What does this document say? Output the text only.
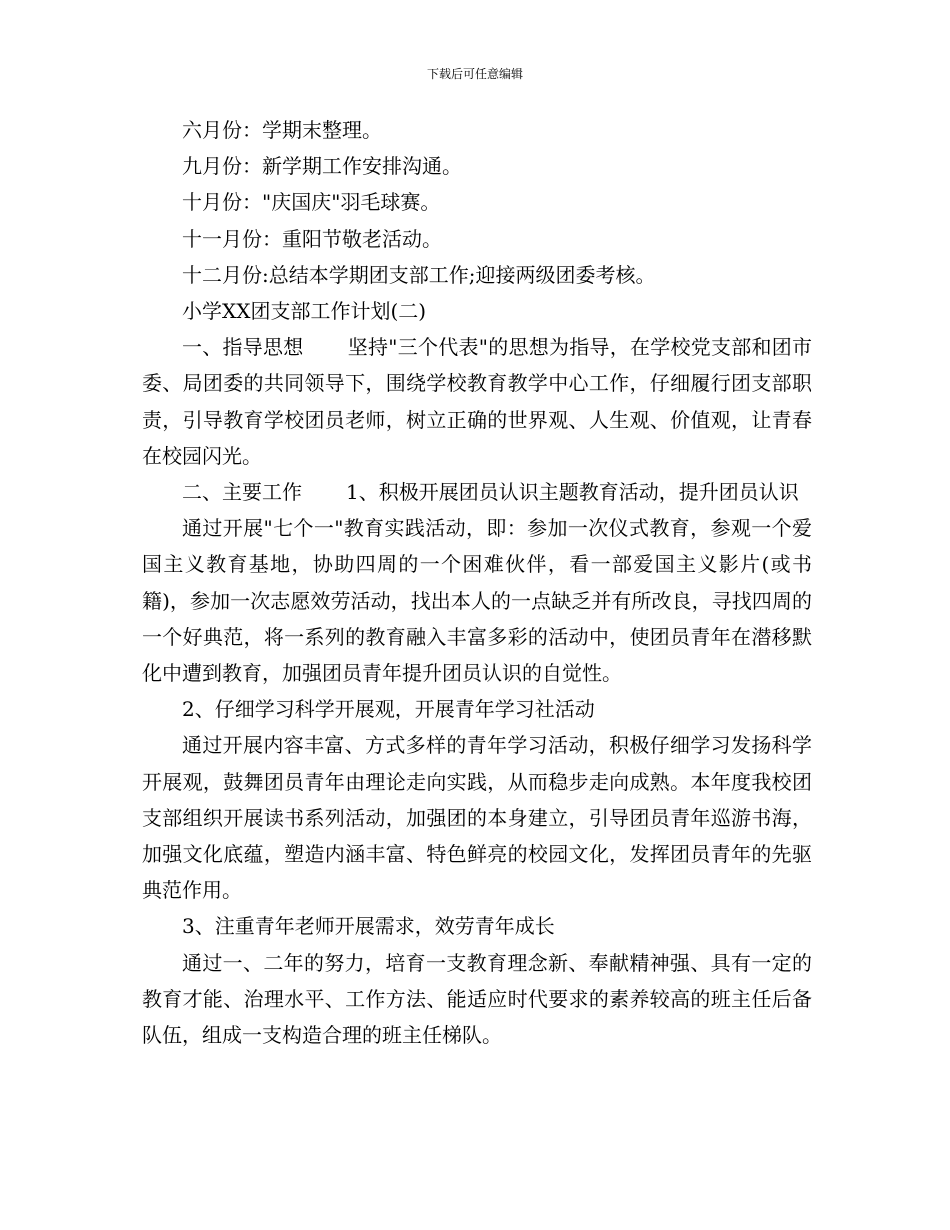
下载后可任意编辑

六月份：学期末整理。

九月份：新学期工作安排沟通。

十月份："庆国庆"羽毛球赛。

十一月份：重阳节敬老活动。

十二月份:总结本学期团支部工作;迎接两级团委考核。

小学XX团支部工作计划(二)

一、指导思想 坚持"三个代表"的思想为指导，在学校党支部和团市委、局团委的共同领导下，围绕学校教育教学中心工作，仔细履行团支部职责，引导教育学校团员老师，树立正确的世界观、人生观、价值观，让青春在校园闪光。

二、主要工作 1、积极开展团员认识主题教育活动，提升团员认识

通过开展"七个一"教育实践活动，即：参加一次仪式教育，参观一个爱国主义教育基地，协助四周的一个困难伙伴，看一部爱国主义影片(或书籍)，参加一次志愿效劳活动，找出本人的一点缺乏并有所改良，寻找四周的一个好典范，将一系列的教育融入丰富多彩的活动中，使团员青年在潜移默化中遭到教育，加强团员青年提升团员认识的自觉性。

2、仔细学习科学开展观，开展青年学习社活动

通过开展内容丰富、方式多样的青年学习活动，积极仔细学习发扬科学开展观，鼓舞团员青年由理论走向实践，从而稳步走向成熟。本年度我校团支部组织开展读书系列活动，加强团的本身建立，引导团员青年巡游书海，加强文化底蕴，塑造内涵丰富、特色鲜亮的校园文化，发挥团员青年的先驱典范作用。

3、注重青年老师开展需求，效劳青年成长

通过一、二年的努力，培育一支教育理念新、奉献精神强、具有一定的教育才能、治理水平、工作方法、能适应时代要求的素养较高的班主任后备队伍，组成一支构造合理的班主任梯队。
